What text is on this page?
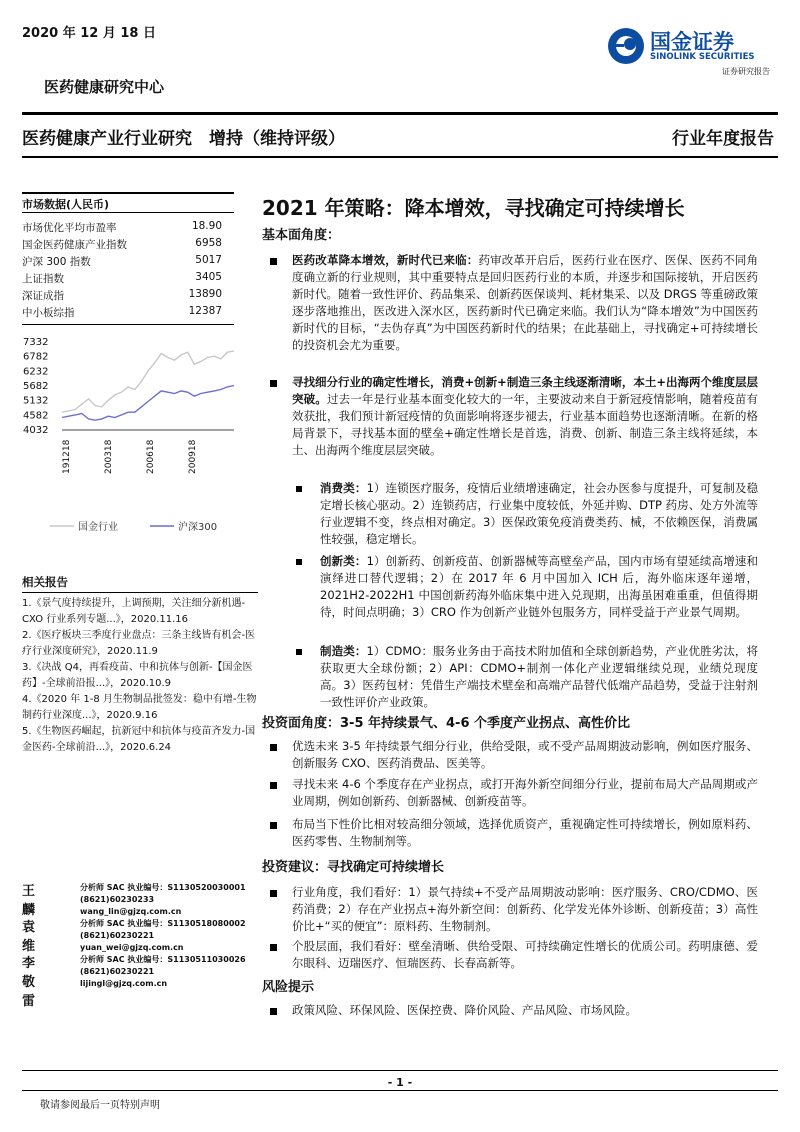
2020 年 12 月 18 日	国金证券
SINOLINK SECURITIES
证券研究报告
医药健康研究中心
医药健康产业行业研究　增持（维持评级）	行业年度报告
市场数据(人民币)
市场优化平均市盈率	18.90
国金医药健康产业指数	6958
沪深 300 指数	5017
上证指数	3405
深证成指	13890
中小板综指	12387
7332
6782
6232
5682
5132
4582
4032
191218	200318	200618	200918
国金行业	沪深300
相关报告
1.《景气度持续提升，上调预期，关注细分新机遇-CXO 行业系列专题...》，2020.11.16
2.《医疗板块三季度行业盘点：三条主线皆有机会-医疗行业深度研究》，2020.11.9
3.《决战 Q4，再看疫苗、中和抗体与创新-【国金医药】-全球前沿报...》，2020.10.9
4.《2020 年 1-8 月生物制品批签发：稳中有增-生物制药行业深度...》，2020.9.16
5.《生物医药崛起，抗新冠中和抗体与疫苗齐发力-国金医药-全球前沿...》，2020.6.24
王麟
分析师 SAC 执业编号：S1130520030001
(8621)60230233
wang_lin@gjzq.com.cn
袁维
分析师 SAC 执业编号：S1130518080002
(8621)60230221
yuan_wei@gjzq.com.cn
李敬雷
分析师 SAC 执业编号：S1130511030026
(8621)60230221
lijingl@gjzq.com.cn
2021 年策略：降本增效，寻找确定可持续增长
基本面角度：
医药改革降本增效，新时代已来临：药审改革开启后，医药行业在医疗、医保、医药不同角度确立新的行业规则，其中重要特点是回归医药行业的本质，并逐步和国际接轨，开启医药新时代。随着一致性评价、药品集采、创新药医保谈判、耗材集采、以及 DRGS 等重磅政策逐步落地推出，医改进入深水区，医药新时代已确定来临。我们认为“降本增效”为中国医药新时代的目标，“去伪存真”为中国医药新时代的结果；在此基础上，寻找确定+可持续增长的投资机会尤为重要。
寻找细分行业的确定性增长，消费+创新+制造三条主线逐渐清晰，本土+出海两个维度层层突破。过去一年是行业基本面变化较大的一年，主要波动来自于新冠疫情影响，随着疫苗有效获批，我们预计新冠疫情的负面影响将逐步褪去，行业基本面趋势也逐渐清晰。在新的格局背景下，寻找基本面的壁垒+确定性增长是首选，消费、创新、制造三条主线将延续，本土、出海两个维度层层突破。
消费类：1）连锁医疗服务，疫情后业绩增速确定，社会办医参与度提升，可复制及稳定增长核心驱动。2）连锁药店，行业集中度较低，外延并购、DTP 药房、处方外流等行业逻辑不变，终点相对确定。3）医保政策免疫消费类药、械，不依赖医保，消费属性较强，稳定增长。
创新类：1）创新药、创新疫苗、创新器械等高壁垒产品，国内市场有望延续高增速和演绎进口替代逻辑；2）在 2017 年 6 月中国加入 ICH 后，海外临床逐年递增，2021H2-2022H1 中国创新药海外临床集中进入兑现期，出海虽困难重重，但值得期待，时间点明确；3）CRO 作为创新产业链外包服务方，同样受益于产业景气周期。
制造类：1）CDMO：服务业务由于高技术附加值和全球创新趋势，产业优胜劣汰，将获取更大全球份额；2）API：CDMO+制剂一体化产业逻辑继续兑现，业绩兑现度高。3）医药包材：凭借生产端技术壁垒和高端产品替代低端产品趋势，受益于注射剂一致性评价产业政策。
投资面角度：3-5 年持续景气、4-6 个季度产业拐点、高性价比
优选未来 3-5 年持续景气细分行业，供给受限，或不受产品周期波动影响，例如医疗服务、创新服务 CXO、医药消费品、医美等。
寻找未来 4-6 个季度存在产业拐点，或打开海外新空间细分行业，提前布局大产品周期或产业周期，例如创新药、创新器械、创新疫苗等。
布局当下性价比相对较高细分领域，选择优质资产，重视确定性可持续增长，例如原料药、医药零售、生物制剂等。
投资建议：寻找确定可持续增长
行业角度，我们看好：1）景气持续+不受产品周期波动影响：医疗服务、CRO/CDMO、医药消费；2）存在产业拐点+海外新空间：创新药、化学发光体外诊断、创新疫苗；3）高性价比+“买的便宜”：原料药、生物制剂。
个股层面，我们看好：壁垒清晰、供给受限、可持续确定性增长的优质公司。药明康德、爱尔眼科、迈瑞医疗、恒瑞医药、长春高新等。
风险提示
政策风险、环保风险、医保控费、降价风险、产品风险、市场风险。
- 1 -
敬请参阅最后一页特别声明
